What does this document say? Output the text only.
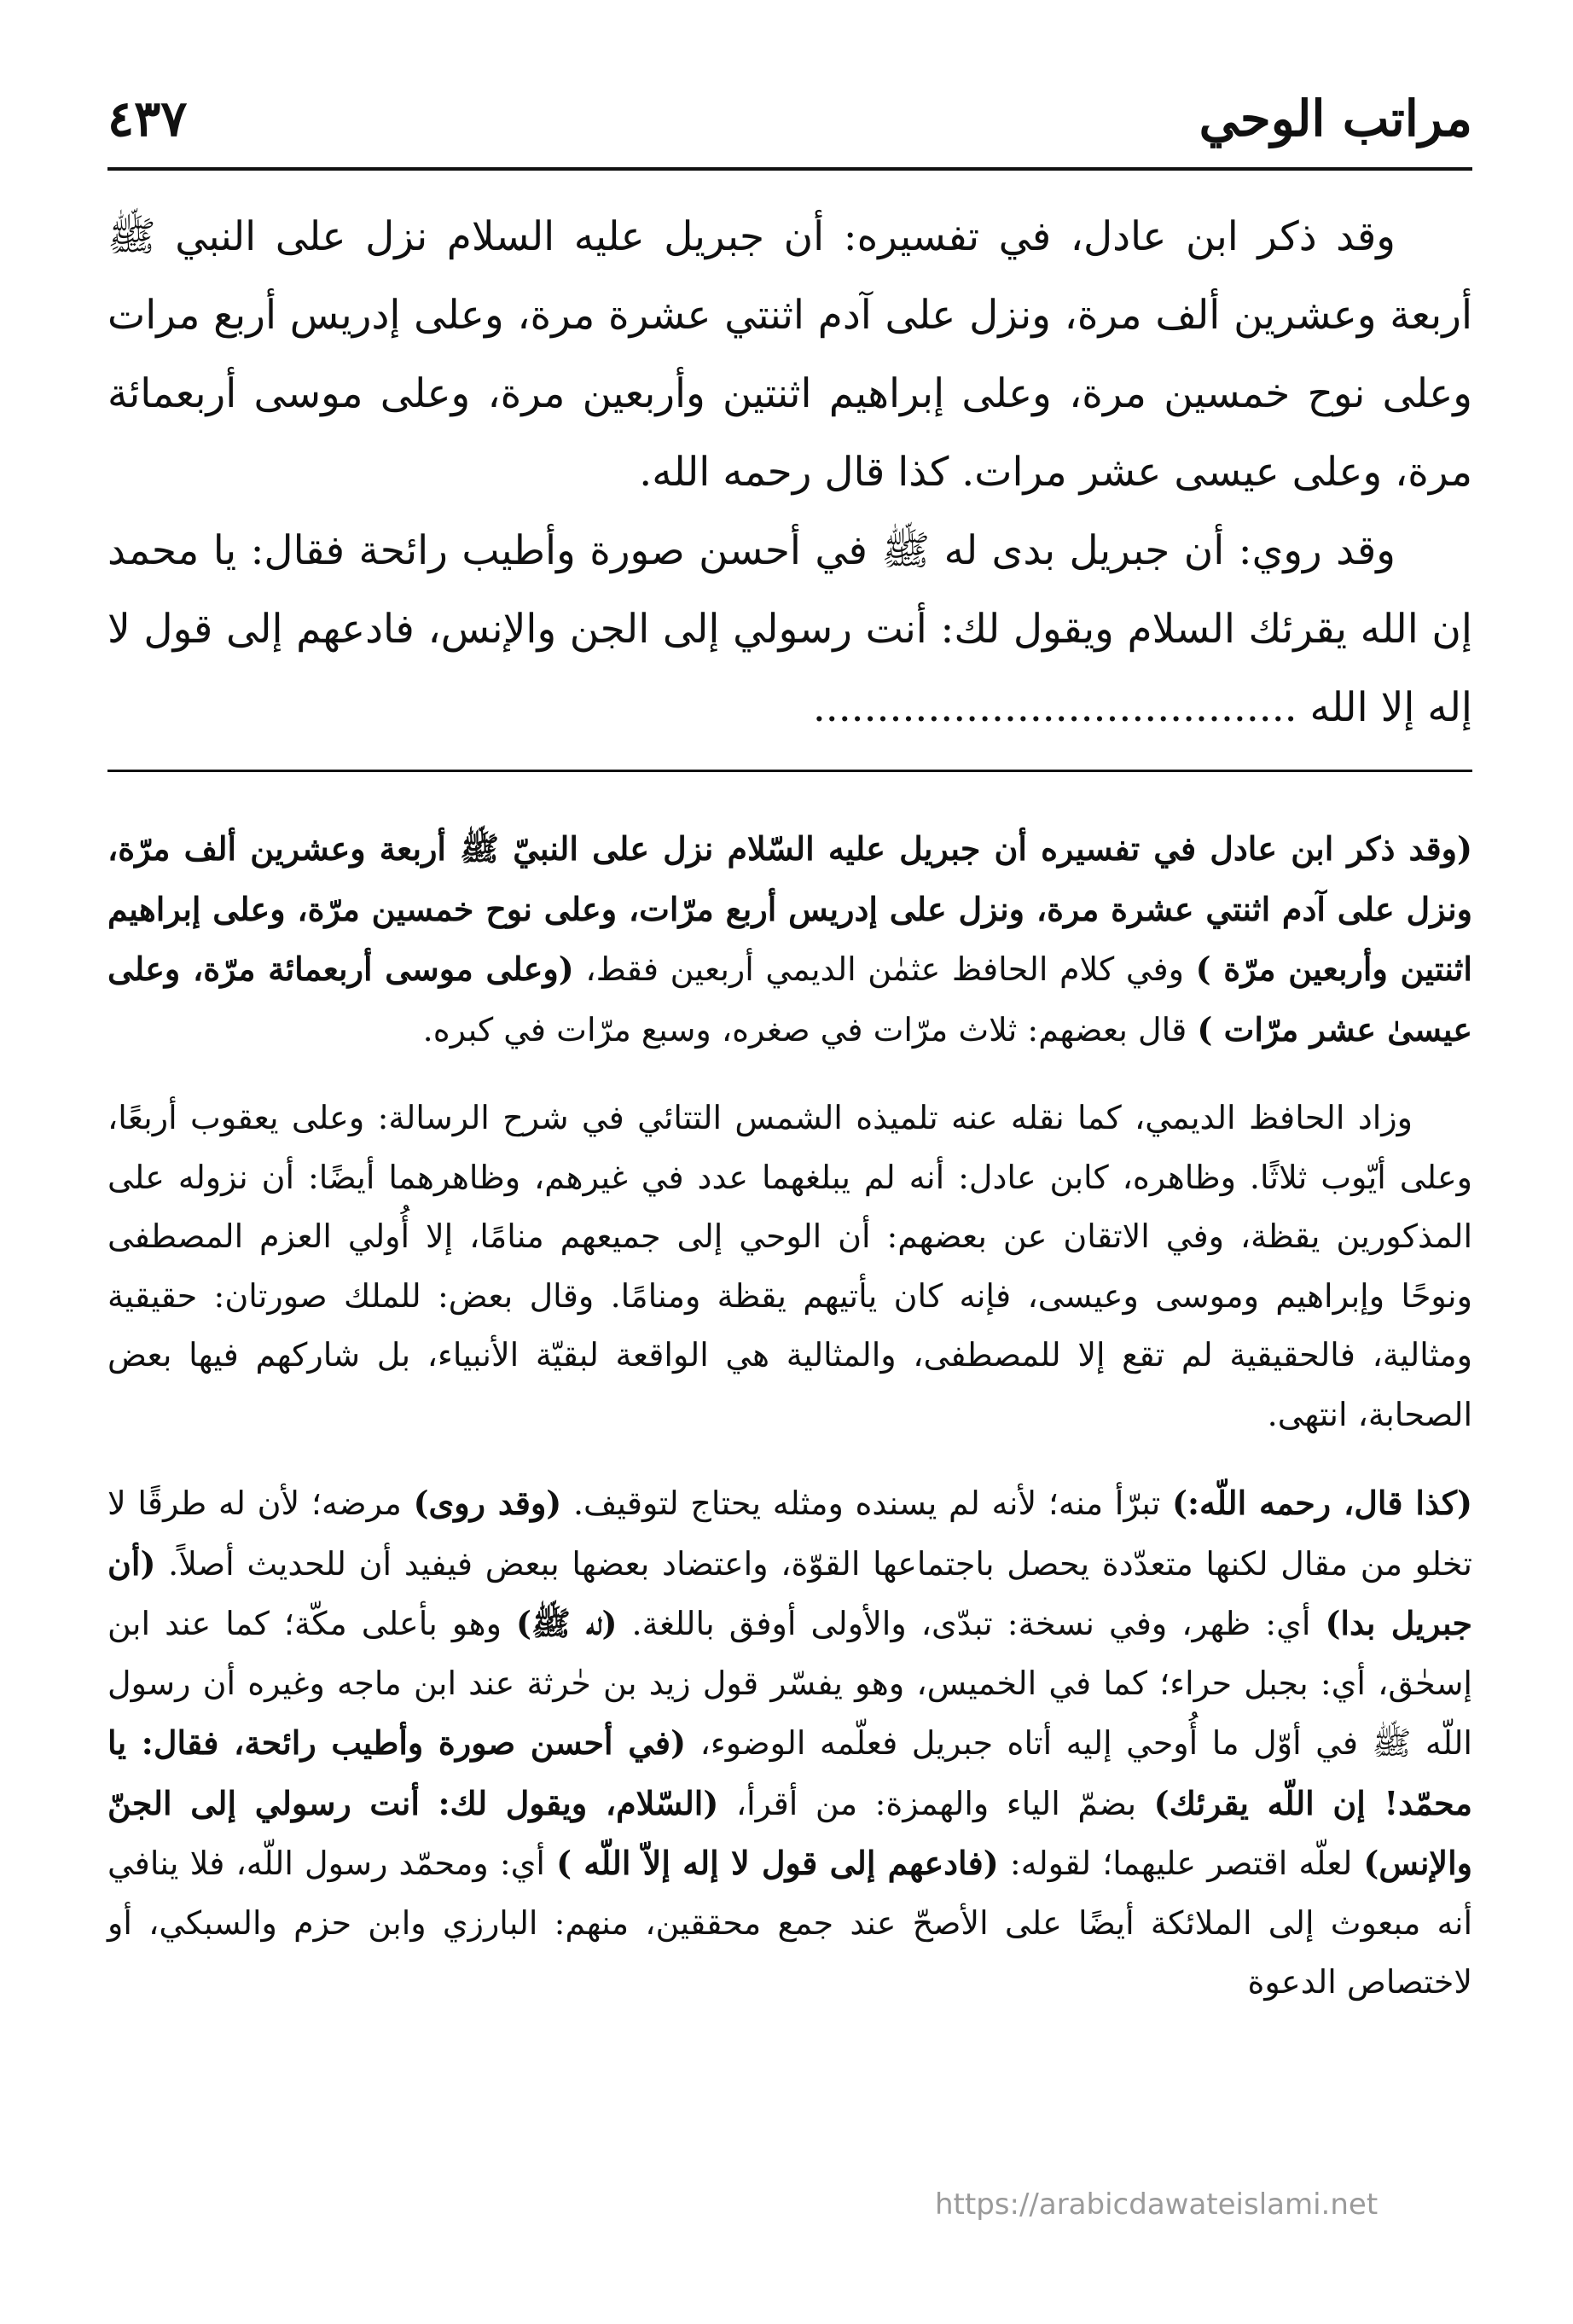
مراتب الوحي
٤٣٧

وقد ذكر ابن عادل، في تفسيره: أن جبريل عليه السلام نزل على النبي ﷺ أربعة وعشرين ألف مرة، ونزل على آدم اثنتي عشرة مرة، وعلى إدريس أربع مرات وعلى نوح خمسين مرة، وعلى إبراهيم اثنتين وأربعين مرة، وعلى موسى أربعمائة مرة، وعلى عيسى عشر مرات. كذا قال رحمه الله.

وقد روي: أن جبريل بدى له ﷺ في أحسن صورة وأطيب رائحة فقال: يا محمد إن الله يقرئك السلام ويقول لك: أنت رسولي إلى الجن والإنس، فادعهم إلى قول لا إله إلا الله ......................................

(وقد ذكر ابن عادل في تفسيره أن جبريل عليه السّلام نزل على النبيّ ﷺ أربعة وعشرين ألف مرّة، ونزل على آدم اثنتي عشرة مرة، ونزل على إدريس أربع مرّات، وعلى نوح خمسين مرّة، وعلى إبراهيم اثنتين وأربعين مرّة ) وفي كلام الحافظ عثمٰن الديمي أربعين فقط، (وعلى موسى أربعمائة مرّة، وعلى عيسىٰ عشر مرّات ) قال بعضهم: ثلاث مرّات في صغره، وسبع مرّات في كبره.

وزاد الحافظ الديمي، كما نقله عنه تلميذه الشمس التتائي في شرح الرسالة: وعلى يعقوب أربعًا، وعلى أيّوب ثلاثًا. وظاهره، كابن عادل: أنه لم يبلغهما عدد في غيرهم، وظاهرهما أيضًا: أن نزوله على المذكورين يقظة، وفي الاتقان عن بعضهم: أن الوحي إلى جميعهم منامًا، إلا أُولي العزم المصطفى ونوحًا وإبراهيم وموسى وعيسى، فإنه كان يأتيهم يقظة ومنامًا. وقال بعض: للملك صورتان: حقيقية ومثالية، فالحقيقية لم تقع إلا للمصطفى، والمثالية هي الواقعة لبقيّة الأنبياء، بل شاركهم فيها بعض الصحابة، انتهى.

(كذا قال، رحمه اللّه:) تبرّأ منه؛ لأنه لم يسنده ومثله يحتاج لتوقيف. (وقد روى) مرضه؛ لأن له طرقًا لا تخلو من مقال لكنها متعدّدة يحصل باجتماعها القوّة، واعتضاد بعضها ببعض فيفيد أن للحديث أصلاً. (أن جبريل بدا) أي: ظهر، وفي نسخة: تبدّى، والأولى أوفق باللغة. (له ﷺ) وهو بأعلى مكّة؛ كما عند ابن إسحٰق، أي: بجبل حراء؛ كما في الخميس، وهو يفسّر قول زيد بن حٰرثة عند ابن ماجه وغيره أن رسول اللّه ﷺ في أوّل ما أُوحي إليه أتاه جبريل فعلّمه الوضوء، (في أحسن صورة وأطيب رائحة، فقال: يا محمّد! إن اللّه يقرئك) بضمّ الياء والهمزة: من أقرأ، (السّلام، ويقول لك: أنت رسولي إلى الجنّ والإنس) لعلّه اقتصر عليهما؛ لقوله: (فادعهم إلى قول لا إله إلاّ اللّه ) أي: ومحمّد رسول اللّه، فلا ينافي أنه مبعوث إلى الملائكة أيضًا على الأصحّ عند جمع محققين، منهم: البارزي وابن حزم والسبكي، أو لاختصاص الدعوة

https://arabicdawateislami.net
